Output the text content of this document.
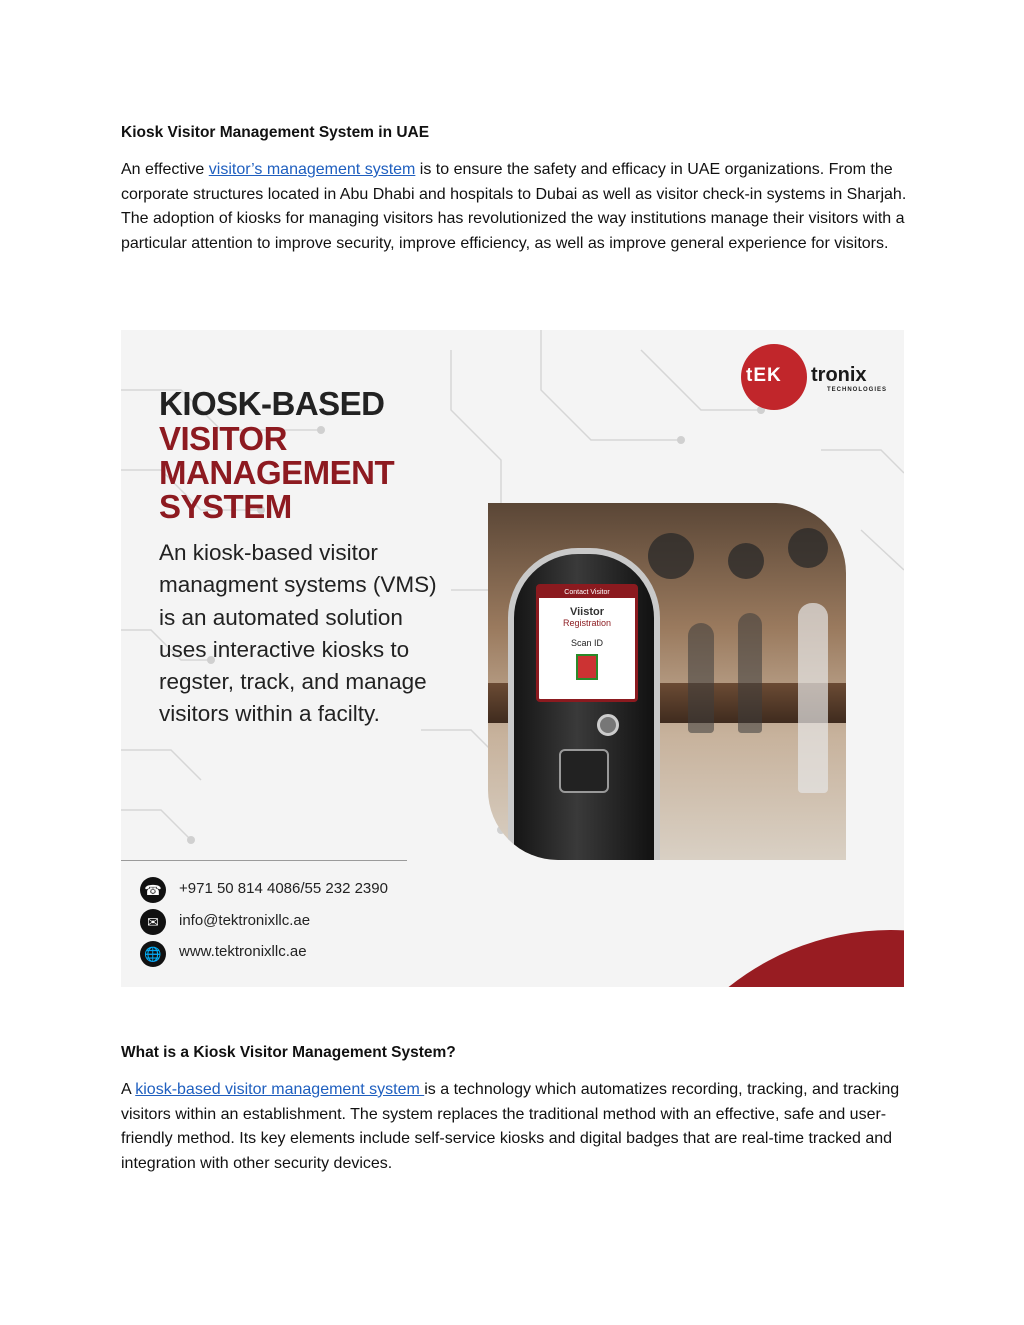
Kiosk Visitor Management System in UAE
An effective visitor’s management system is to ensure the safety and efficacy in UAE organizations. From the corporate structures located in Abu Dhabi and hospitals to Dubai as well as visitor check-in systems in Sharjah. The adoption of kiosks for managing visitors has revolutionized the way institutions manage their visitors with a particular attention to improve security, improve efficiency, as well as improve general experience for visitors.
Contact Visitor
Viistor
Registration
Scan ID
tEK tronix
TECHNOLOGIES
KIOSK-BASED
VISITOR
MANAGEMENT
SYSTEM
An kiosk-based visitor managment systems (VMS) is an automated solution uses interactive kiosks to regster, track, and manage visitors within a facilty.
☎ +971 50 814 4086/55 232 2390
✉	info@tektronixllc.ae
🌐 www.tektronixllc.ae
What is a Kiosk Visitor Management System?
A kiosk-based visitor management system is a technology which automatizes recording, tracking, and tracking visitors within an establishment. The system replaces the traditional method with an effective, safe and user-friendly method. Its key elements include self-service kiosks and digital badges that are real-time tracked and integration with other security devices.
